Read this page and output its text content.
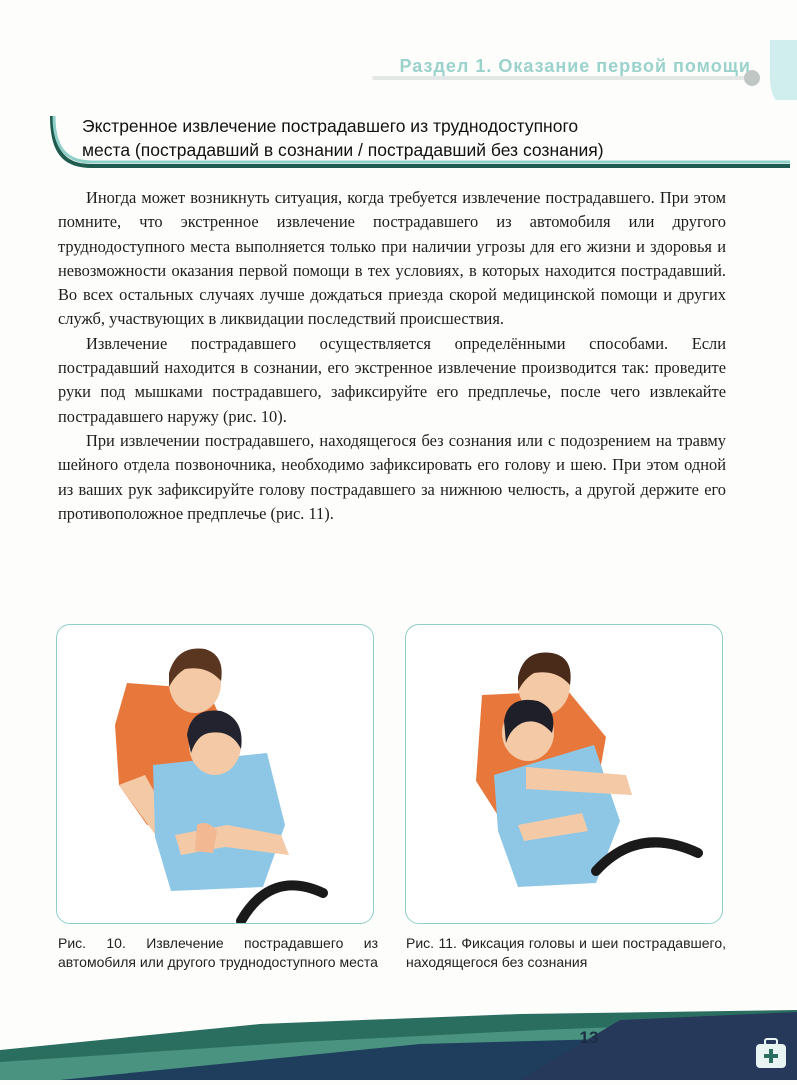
Раздел 1. Оказание первой помощи
Экстренное извлечение пострадавшего из труднодоступного
места (пострадавший в сознании / пострадавший без сознания)

Иногда может возникнуть ситуация, когда требуется извлечение пострадавшего. При этом помните, что экстренное извлечение пострадавшего из автомобиля или другого труднодоступного места выполняется только при наличии угрозы для его жизни и здоровья и невозможности оказания первой помощи в тех условиях, в которых находится пострадавший. Во всех остальных случаях лучше дождаться приезда скорой медицинской помощи и других служб, участвующих в ликвидации последствий происшествия.

Извлечение пострадавшего осуществляется определёнными способами. Если пострадавший находится в сознании, его экстренное извлечение производится так: проведите руки под мышками пострадавшего, зафиксируйте его предплечье, после чего извлекайте пострадавшего наружу (рис. 10).

При извлечении пострадавшего, находящегося без сознания или с подозрением на травму шейного отдела позвоночника, необходимо зафиксировать его голову и шею. При этом одной из ваших рук зафиксируйте голову пострадавшего за нижнюю челюсть, а другой держите его противоположное предплечье (рис. 11).

Рис. 10. Извлечение пострадавшего из автомобиля или другого труднодоступного места
Рис. 11. Фиксация головы и шеи пострадавшего, находящегося без сознания
13
